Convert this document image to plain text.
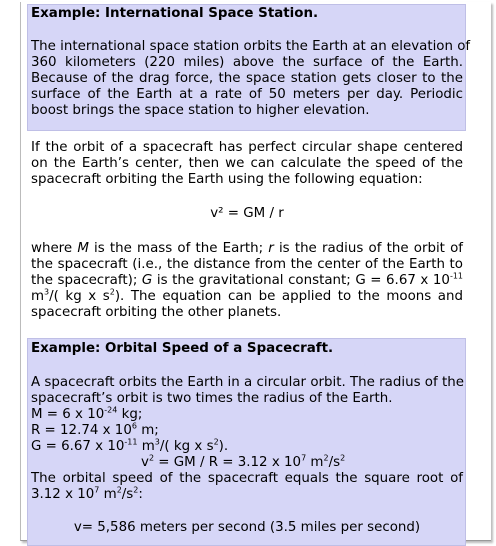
Example: International Space Station.
The international space station orbits the Earth at an elevation of
360 kilometers (220 miles) above the surface of the Earth.
Because of the drag force, the space station gets closer to the
surface of the Earth at a rate of 50 meters per day. Periodic
boost brings the space station to higher elevation.
If the orbit of a spacecraft has perfect circular shape centered
on the Earth’s center, then we can calculate the speed of the
spacecraft orbiting the Earth using the following equation:
v² = GM / r
where M is the mass of the Earth; r is the radius of the orbit of
the spacecraft (i.e., the distance from the center of the Earth to
the spacecraft); G is the gravitational constant; G = 6.67 x $10^{-11}$
$m^3/$( kg x $s^2$). The equation can be applied to the moons and
spacecraft orbiting the other planets.
Example: Orbital Speed of a Spacecraft.
A spacecraft orbits the Earth in a circular orbit. The radius of the
spacecraft’s orbit is two times the radius of the Earth.
M = 6 x $10^{-24}$ kg;
R = 12.74 x $10^6$ m;
G = 6.67 x $10^{-11}$ $m^3/$( kg x $s^2$).
$v^2$ = GM / R = 3.12 x $10^7$ $m^2/s^2$
The orbital speed of the spacecraft equals the square root of
3.12 x $10^7$ $m^2/s^2$:
v= 5,586 meters per second (3.5 miles per second)
